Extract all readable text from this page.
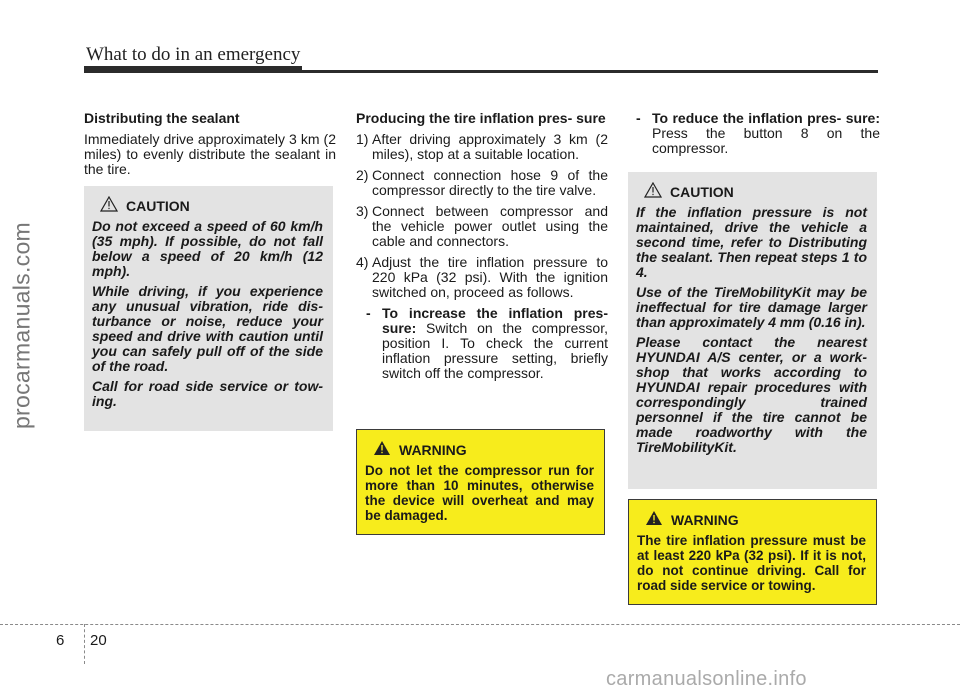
What to do in an emergency
procarmanuals.com
Distributing the sealant

Immediately drive approximately 3 km (2 miles) to evenly distribute the sealant in the tire.

CAUTION

Do not exceed a speed of 60 km/h (35 mph). If possible, do not fall below a speed of 20 km/h (12 mph).

While driving, if you experience any unusual vibration, ride dis- turbance or noise, reduce your speed and drive with caution until you can safely pull off of the side of the road.

Call for road side service or tow- ing.

Producing the tire inflation pres- sure
1) After driving approximately 3 km (2 miles), stop at a suitable location.
2) Connect connection hose 9 of the compressor directly to the tire valve.
3) Connect between compressor and the vehicle power outlet using the cable and connectors.
4) Adjust the tire inflation pressure to 220 kPa (32 psi). With the ignition switched on, proceed as follows.
- To increase the inflation pres- sure: Switch on the compressor, position I. To check the current inflation pressure setting, briefly switch off the compressor.
WARNING

Do not let the compressor run for more than 10 minutes, otherwise the device will overheat and may be damaged.

- To reduce the inflation pres- sure: Press the button 8 on the compressor.
CAUTION

If the inflation pressure is not maintained, drive the vehicle a second time, refer to Distributing the sealant. Then repeat steps 1 to 4.

Use of the TireMobilityKit may be ineffectual for tire damage larger than approximately 4 mm (0.16 in).

Please contact the nearest HYUNDAI A/S center, or a work- shop that works according to HYUNDAI repair procedures with correspondingly trained personnel if the tire cannot be made roadworthy with the TireMobilityKit.

WARNING

The tire inflation pressure must be at least 220 kPa (32 psi). If it is not, do not continue driving. Call for road side service or towing.

6 20
carmanualsonline.info
